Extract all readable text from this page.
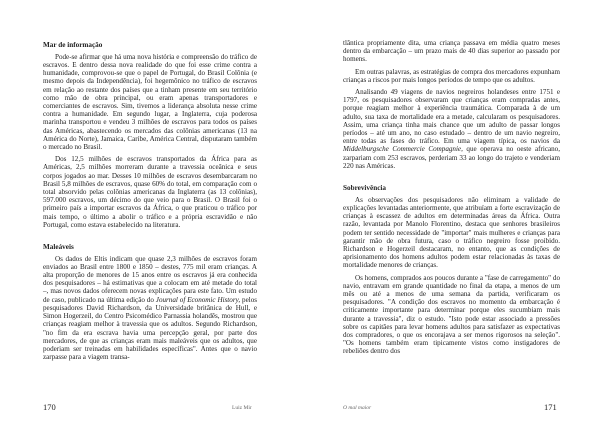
Mar de informação

Pode-se afirmar que há uma nova história e compreensão do tráfico de escravos. E dentro dessa nova realidade do que foi esse crime contra a humanidade, comprovou-se que o papel de Portugal, do Brasil Colônia (e mesmo depois da Independência), foi hegemônico no tráfico de escravos em relação ao restante dos países que a tinham presente em seu território como mão de obra principal, ou eram apenas transportadores e comerciantes de escravos. Sim, tivemos a liderança absoluta nesse crime contra a humanidade. Em segundo lugar, a Inglaterra, cuja poderosa marinha transportou e vendeu 3 milhões de escravos para todos os países das Américas, abastecendo os mercados das colônias americanas (13 na América do Norte), Jamaica, Caribe, América Central, disputaram também o mercado no Brasil.

Dos 12,5 milhões de escravos transportados da África para as Américas, 2,5 milhões morreram durante a travessia oceânica e seus corpos jogados ao mar. Desses 10 milhões de escravos desembarcaram no Brasil 5,8 milhões de escravos, quase 60% do total, em comparação com o total absorvido pelas colônias americanas da Inglaterra (as 13 colônias), 597.000 escravos, um décimo do que veio para o Brasil. O Brasil foi o primeiro país a importar escravos da África, o que praticou o tráfico por mais tempo, o último a abolir o tráfico e a própria escravidão e não Portugal, como estava estabelecido na literatura.

Maleáveis

Os dados de Eltis indicam que quase 2,3 milhões de escravos foram enviados ao Brasil entre 1800 e 1850 – destes, 775 mil eram crianças. A alta proporção de menores de 15 anos entre os escravos já era conhecida dos pesquisadores – há estimativas que a colocam em até metade do total –, mas novos dados oferecem novas explicações para este fato. Um estudo de caso, publicado na última edição do Journal of Economic History, pelos pesquisadores David Richardson, da Universidade britânica de Hull, e Simon Hogerzeil, do Centro Psicomédico Parnassia holandês, mostrou que crianças reagiam melhor à travessia que os adultos. Segundo Richardson, "no fim da era escrava havia uma percepção geral, por parte dos mercadores, de que as crianças eram mais maleáveis que os adultos, que poderiam ser treinadas em habilidades específicas". Antes que o navio zarpasse para a viagem transa-

170	Luiz Mir

tlântica propriamente dita, uma criança passava em média quatro meses dentro da embarcação – um prazo mais de 40 dias superior ao passado por homens.

Em outras palavras, as estratégias de compra dos mercadores expunham crianças a riscos por mais longos períodos de tempo que os adultos.

Analisando 49 viagens de navios negreiros holandeses entre 1751 e 1797, os pesquisadores observaram que crianças eram compradas antes, porque reagiam melhor à experiência traumática. Comparada à de um adulto, sua taxa de mortalidade era a metade, calcularam os pesquisadores. Assim, uma criança tinha mais chance que um adulto de passar longos períodos – até um ano, no caso estudado – dentro de um navio negreiro, entre todas as fases do tráfico. Em uma viagem típica, os navios da Middelburgsche Commercie Compagnie, que operava no oeste africano, zarpariam com 253 escravos, perderiam 33 ao longo do trajeto e venderiam 220 nas Américas.

Sobrevivência

As observações dos pesquisadores não eliminam a validade de explicações levantadas anteriormente, que atribuíam a forte escravização de crianças à escassez de adultos em determinadas áreas da África. Outra razão, levantada por Manolo Florentino, destaca que senhores brasileiros podem ter sentido necessidade de "importar" mais mulheres e crianças para garantir mão de obra futura, caso o tráfico negreiro fosse proibido. Richardson e Hogerzeil destacaram, no entanto, que as condições de aprisionamento dos homens adultos podem estar relacionadas às taxas de mortalidade menores de crianças.

Os homens, comprados aos poucos durante a "fase de carregamento" do navio, entravam em grande quantidade no final da etapa, a menos de um mês ou até a menos de uma semana da partida, verificaram os pesquisadores. "A condição dos escravos no momento da embarcação é criticamente importante para determinar porque eles sucumbiam mais durante a travessia", diz o estudo. "Isto pode estar associado a pressões sobre os capitães para levar homens adultos para satisfazer as expectativas dos compradores, o que os encorajava a ser menos rigorosos na seleção". "Os homens também eram tipicamente vistos como instigadores de rebeliões dentro dos

O mal maior	171
